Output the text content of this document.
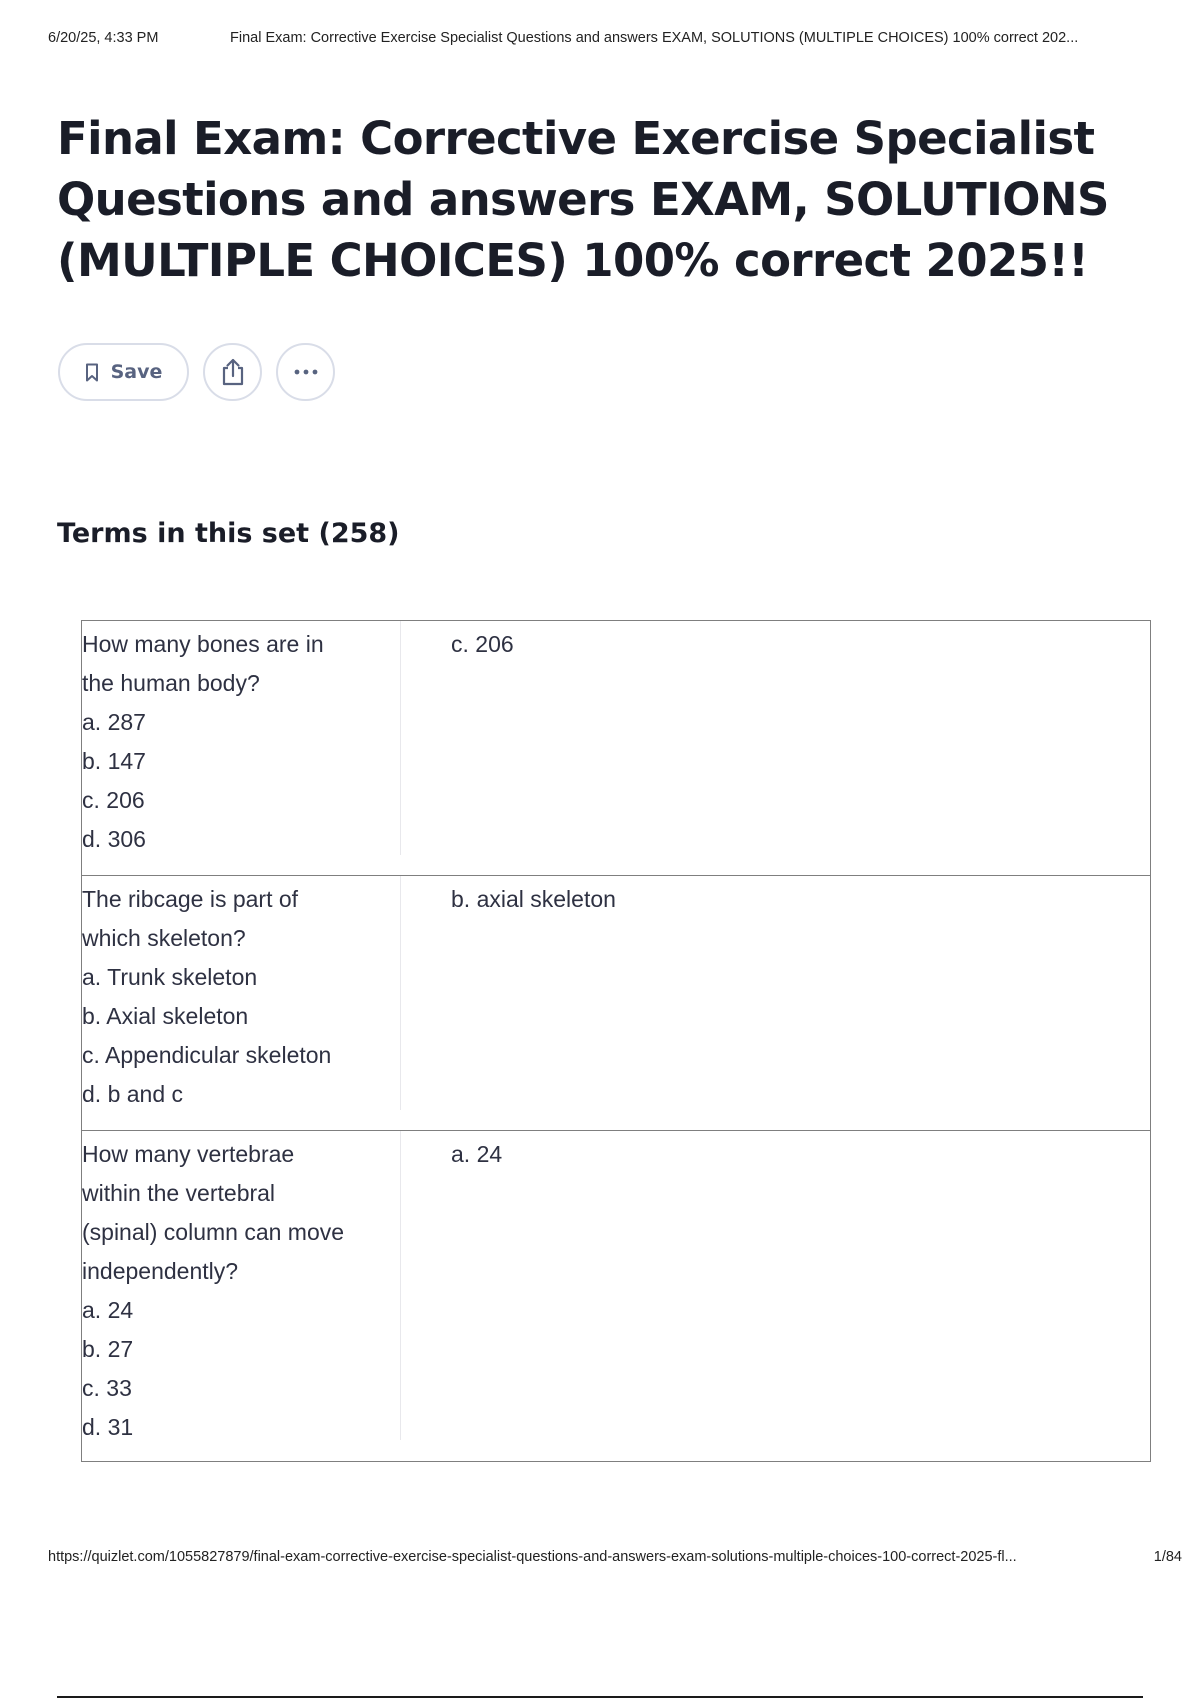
6/20/25, 4:33 PM	Final Exam: Corrective Exercise Specialist Questions and answers EXAM, SOLUTIONS (MULTIPLE CHOICES) 100% correct 202...
Final Exam: Corrective Exercise Specialist
Questions and answers EXAM, SOLUTIONS
(MULTIPLE CHOICES) 100% correct 2025!!
Save
Terms in this set (258)
How many bones are in
the human body?
a. 287
b. 147
c. 206
d. 306
c. 206
The ribcage is part of
which skeleton?
a. Trunk skeleton
b. Axial skeleton
c. Appendicular skeleton
d. b and c
b. axial skeleton
How many vertebrae
within the vertebral
(spinal) column can move
independently?
a. 24
b. 27
c. 33
d. 31
a. 24
https://quizlet.com/1055827879/final-exam-corrective-exercise-specialist-questions-and-answers-exam-solutions-multiple-choices-100-correct-2025-fl...	1/84
